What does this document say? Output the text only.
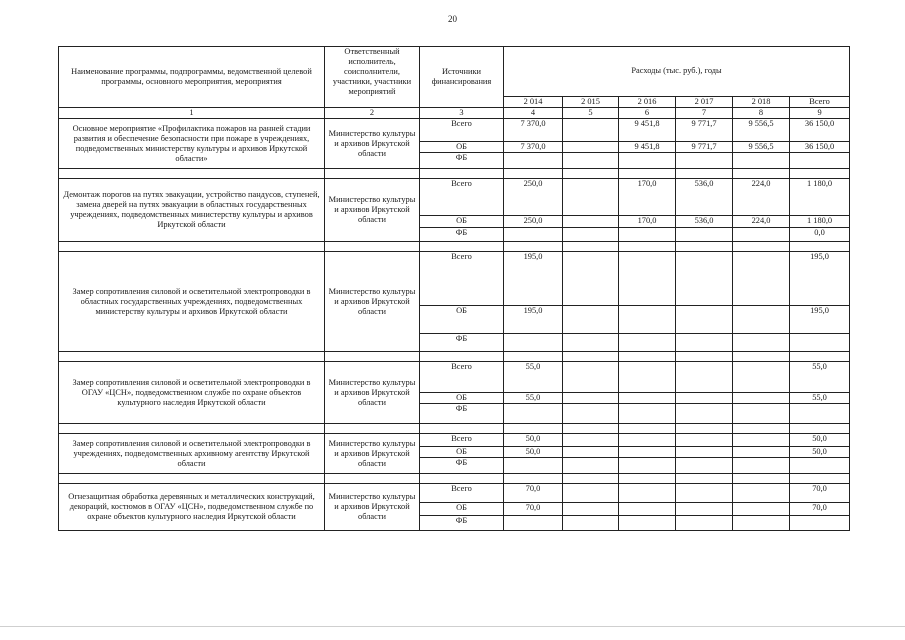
20
Наименование программы, подпрограммы, ведомственной целевой программы, основного мероприятия, мероприятия	Ответственный исполнитель, соисполнители, участники, участники мероприятий	Источники финансирования	Расходы (тыс. руб.), годы					
			2 014	2 015	2 016	2 017	2 018	Всего
1	2	3	4	5	6	7	8	9
Основное мероприятие «Профилактика пожаров на ранней стадии развития и обеспечение безопасности при пожаре в учреждениях, подведомственных министерству культуры и архивов Иркутской области»	Министерство культуры и архивов Иркутской области	Всего	7 370,0		9 451,8	9 771,7	9 556,5	36 150,0
		ОБ	7 370,0		9 451,8	9 771,7	9 556,5	36 150,0
		ФБ						

Демонтаж порогов на путях эвакуации, устройство пандусов, ступеней, замена дверей на путях эвакуации в областных государственных учреждениях, подведомственных министерству культуры и архивов Иркутской области	Министерство культуры и архивов Иркутской области	Всего	250,0		170,0	536,0	224,0	1 180,0
		ОБ	250,0		170,0	536,0	224,0	1 180,0
		ФБ						0,0

Замер сопротивления силовой и осветительной электропроводки в областных государственных учреждениях, подведомственных министерству культуры и архивов Иркутской области	Министерство культуры и архивов Иркутской области	Всего	195,0					195,0
		ОБ	195,0					195,0
		ФБ						

Замер сопротивления силовой и осветительной электропроводки в ОГАУ «ЦСН», подведомственном службе по охране объектов культурного наследия Иркутской области	Министерство культуры и архивов Иркутской области	Всего	55,0					55,0
		ОБ	55,0					55,0
		ФБ						

Замер сопротивления силовой и осветительной электропроводки в учреждениях, подведомственных архивному агентству Иркутской области	Министерство культуры и архивов Иркутской области	Всего	50,0					50,0
		ОБ	50,0					50,0
		ФБ						

Огнезащитная обработка деревянных и металлических конструкций, декораций, костюмов в ОГАУ «ЦСН», подведомственном службе по охране объектов культурного наследия Иркутской области	Министерство культуры и архивов Иркутской области	Всего	70,0					70,0
		ОБ	70,0					70,0
		ФБ						
